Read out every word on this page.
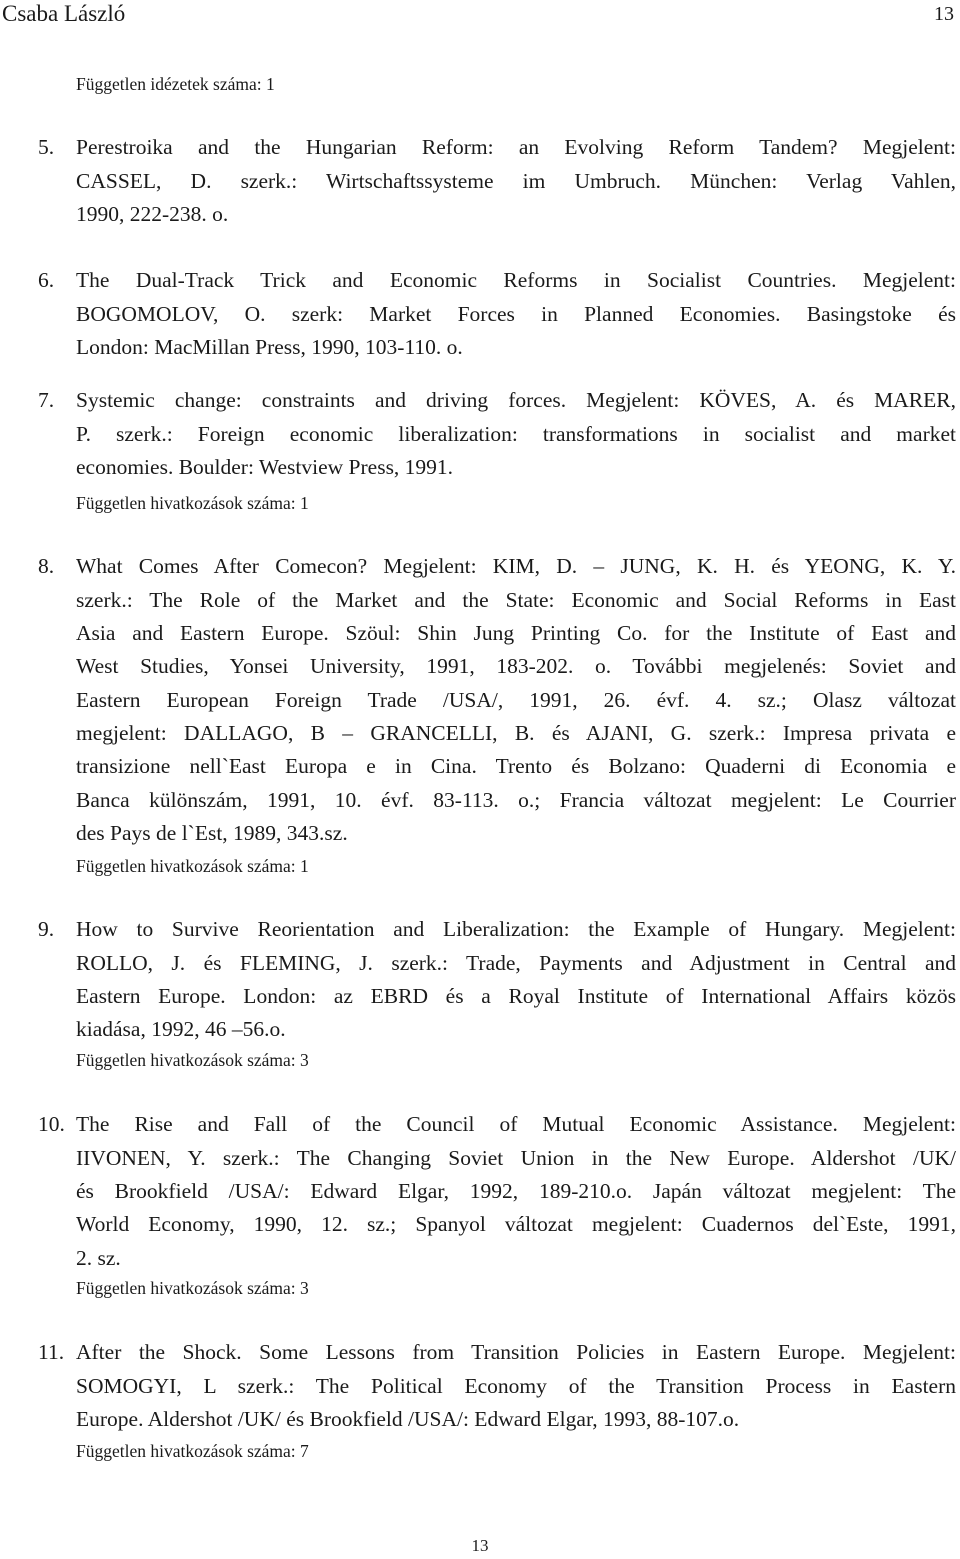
Csaba László	13
Független idézetek száma: 1
5. Perestroika and the Hungarian Reform: an Evolving Reform Tandem? Megjelent:
CASSEL, D. szerk.: Wirtschaftssysteme im Umbruch. München: Verlag Vahlen,
1990, 222-238. o.
6. The Dual-Track Trick and Economic Reforms in Socialist Countries. Megjelent:
BOGOMOLOV, O. szerk: Market Forces in Planned Economies. Basingstoke és
London: MacMillan Press, 1990, 103-110. o.
7. Systemic change: constraints and driving forces. Megjelent: KÖVES, A. és MARER,
P. szerk.: Foreign economic liberalization: transformations in socialist and market
economies. Boulder: Westview Press, 1991.
Független hivatkozások száma: 1
8. What Comes After Comecon? Megjelent: KIM, D. – JUNG, K. H. és YEONG, K. Y.
szerk.: The Role of the Market and the State: Economic and Social Reforms in East
Asia and Eastern Europe. Szöul: Shin Jung Printing Co. for the Institute of East and
West Studies, Yonsei University, 1991, 183-202. o. További megjelenés: Soviet and
Eastern European Foreign Trade /USA/, 1991, 26. évf. 4. sz.; Olasz változat
megjelent: DALLAGO, B – GRANCELLI, B. és AJANI, G. szerk.: Impresa privata e
transizione nell`East Europa e in Cina. Trento és Bolzano: Quaderni di Economia e
Banca különszám, 1991, 10. évf. 83-113. o.; Francia változat megjelent: Le Courrier
des Pays de l`Est, 1989, 343.sz.
Független hivatkozások száma: 1
9. How to Survive Reorientation and Liberalization: the Example of Hungary. Megjelent:
ROLLO, J. és FLEMING, J. szerk.: Trade, Payments and Adjustment in Central and
Eastern Europe. London: az EBRD és a Royal Institute of International Affairs közös
kiadása, 1992, 46 –56.o.
Független hivatkozások száma: 3
10. The Rise and Fall of the Council of Mutual Economic Assistance. Megjelent:
IIVONEN, Y. szerk.: The Changing Soviet Union in the New Europe. Aldershot /UK/
és Brookfield /USA/: Edward Elgar, 1992, 189-210.o. Japán változat megjelent: The
World Economy, 1990, 12. sz.; Spanyol változat megjelent: Cuadernos del`Este, 1991,
2. sz.
Független hivatkozások száma: 3
11. After the Shock. Some Lessons from Transition Policies in Eastern Europe. Megjelent:
SOMOGYI, L szerk.: The Political Economy of the Transition Process in Eastern
Europe. Aldershot /UK/ és Brookfield /USA/: Edward Elgar, 1993, 88-107.o.
Független hivatkozások száma: 7
13
